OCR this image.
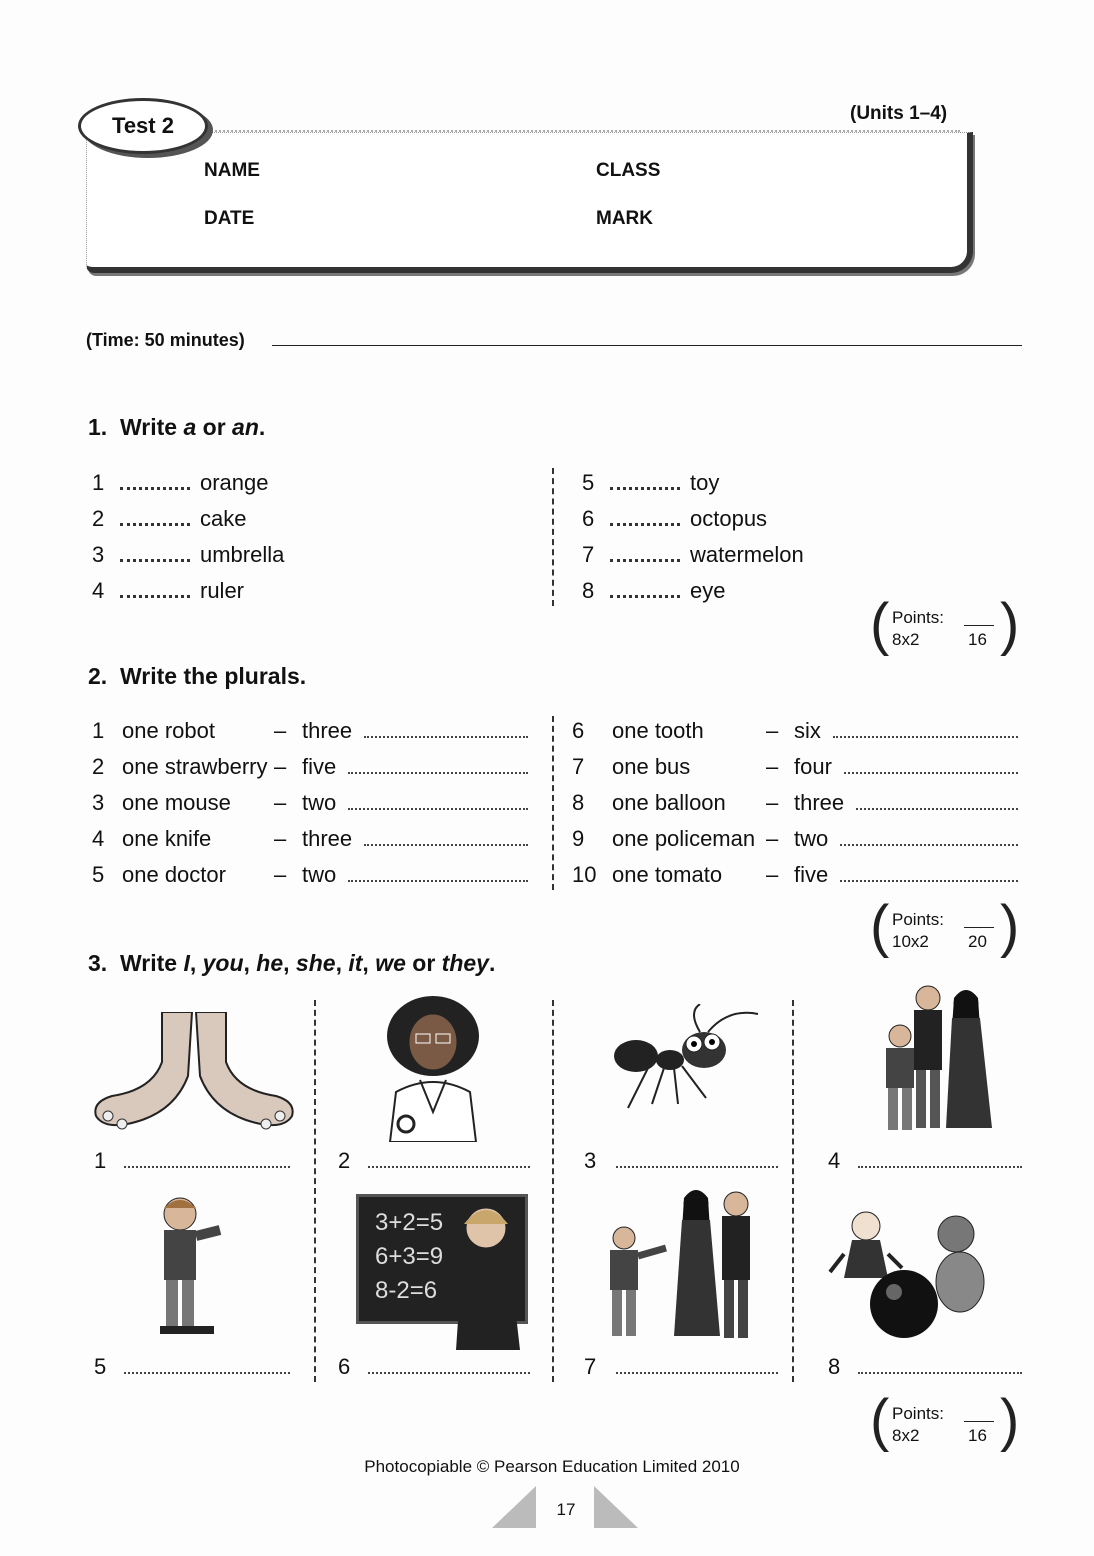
Test 2	(Units 1–4)
NAME	CLASS
DATE	MARK
(Time: 50 minutes)
1. Write a or an.
1	orange
2	cake
3	umbrella
4	ruler
5	toy
6	octopus
7	watermelon
8	eye
( )
Points:
8x2	16
2. Write the plurals.
1 one robot	– three
2 one strawberry – five
3 one mouse	– two
4 one knife	– three
5 one doctor	– two
6	one tooth	– six
7	one bus	– four
8	one balloon	– three
9	one policeman – two
10 one tomato	– five
( )
Points:
10x2 20
3. Write I, you, he, she, it, we or they.
1	2	3	4
3+2=5
6+3=9
8-2=6
5	6	7	8
( )
Points:
8x2	16
Photocopiable © Pearson Education Limited 2010
17
